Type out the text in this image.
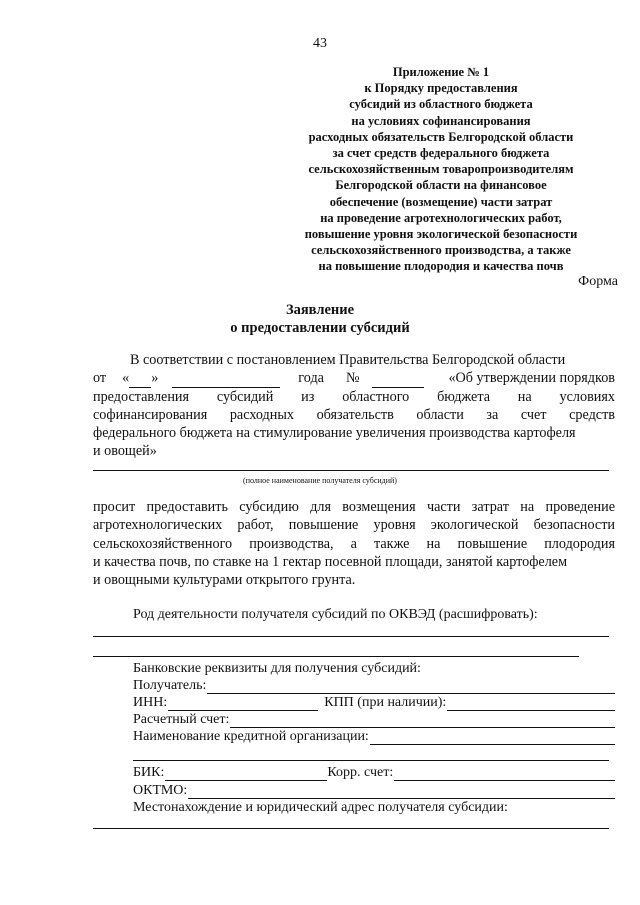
43
Приложение № 1
к Порядку предоставления
субсидий из областного бюджета
на условиях софинансирования
расходных обязательств Белгородской области
за счет средств федерального бюджета
сельскохозяйственным товаропроизводителям
Белгородской области на финансовое
обеспечение (возмещение) части затрат
на проведение агротехнологических работ,
повышение уровня экологической безопасности
сельскохозяйственного производства, а также
на повышение плодородия и качества почв
Форма
Заявление
о предоставлении субсидий
В соответствии с постановлением Правительства Белгородской области
от « »	года №	«Об утверждении порядков
предоставления субсидий из областного бюджета на условиях
софинансирования расходных обязательств области за счет средств
федерального бюджета на стимулирование увеличения производства картофеля
и овощей»
(полное наименование получателя субсидий)
просит предоставить субсидию для возмещения части затрат на проведение
агротехнологических работ, повышение уровня экологической безопасности
сельскохозяйственного производства, а также на повышение плодородия
и качества почв, по ставке на 1 гектар посевной площади, занятой картофелем
и овощными культурами открытого грунта.
Род деятельности получателя субсидий по ОКВЭД (расшифровать):
Банковские реквизиты для получения субсидий:
Получатель:
ИНН:	КПП (при наличии):
Расчетный счет:
Наименование кредитной организации:
БИК:	Корр. счет:
ОКТМО:
Местонахождение и юридический адрес получателя субсидии:
